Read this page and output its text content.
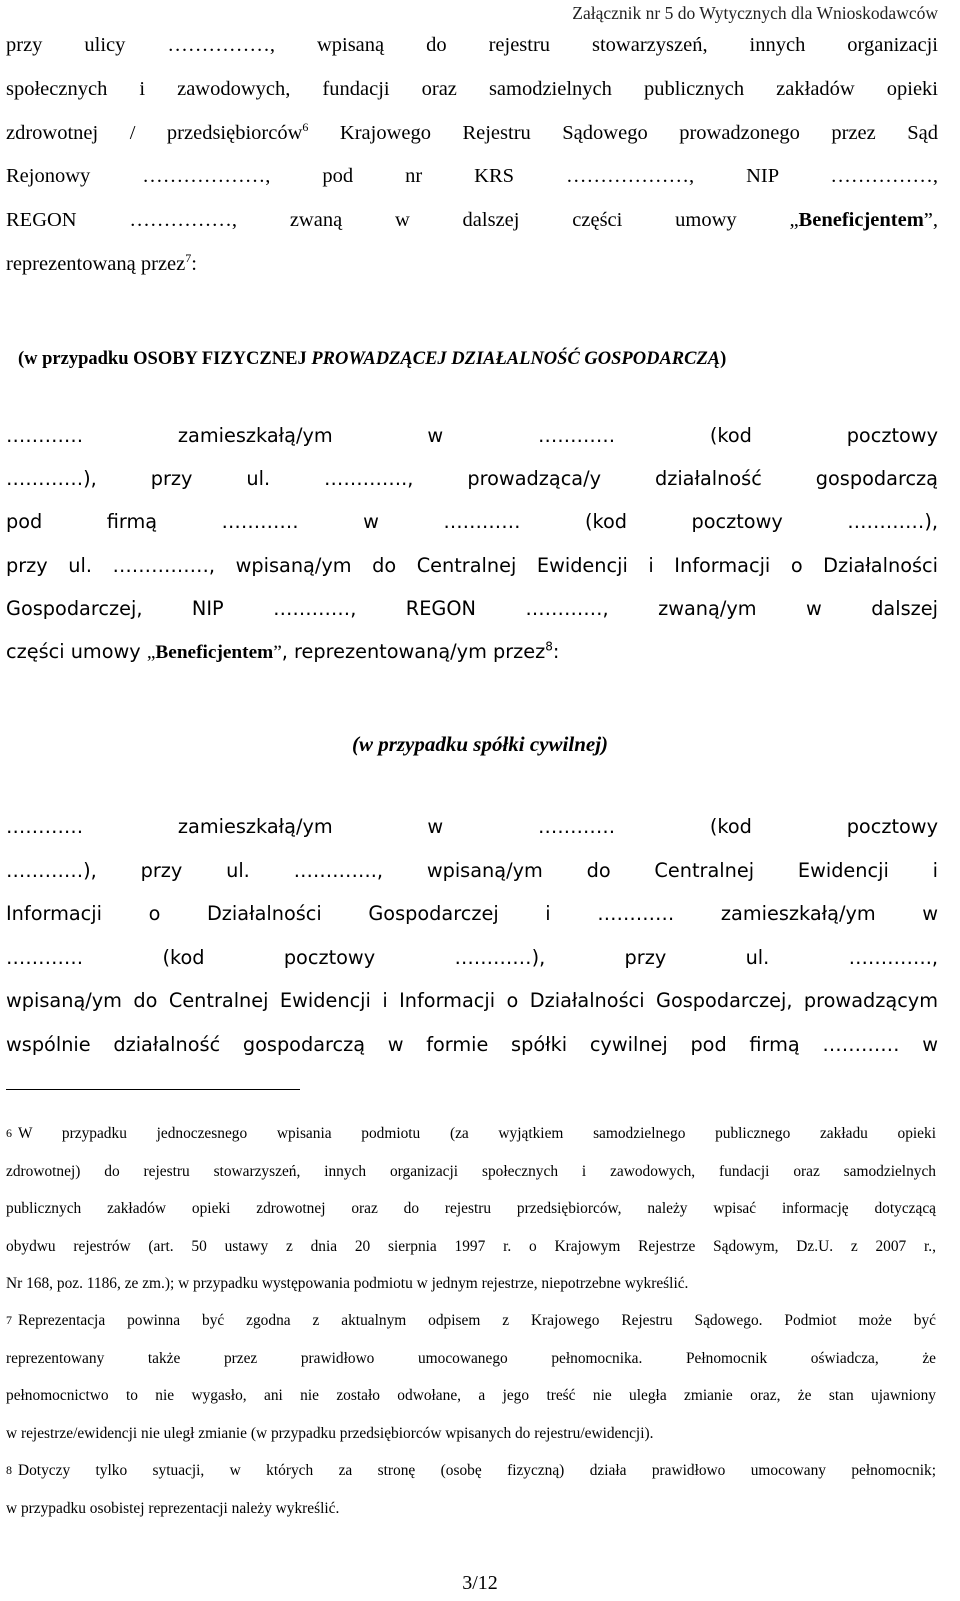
Załącznik nr 5 do Wytycznych dla Wnioskodawców
przy ulicy ……………, wpisaną do rejestru stowarzyszeń, innych organizacji
społecznych i zawodowych, fundacji oraz samodzielnych publicznych zakładów opieki
zdrowotnej / przedsiębiorców$^6$ Krajowego Rejestru Sądowego prowadzonego przez Sąd
Rejonowy ………………, pod nr KRS ………………, NIP ……………,
REGON ……………, zwaną w dalszej części umowy	„Beneficjentem”,
reprezentowaną przez$^7$:
(w przypadku OSOBY FIZYCZNEJ PROWADZĄCEJ DZIAŁALNOŚĆ GOSPODARCZĄ)
………… zamieszkałą/ym w ………… (kod pocztowy
…………), przy ul. …………., prowadząca/y działalność gospodarczą
pod firmą ………… w ………… (kod pocztowy …………),
przy ul. ……………, wpisaną/ym do Centralnej Ewidencji i Informacji o Działalności
Gospodarczej, NIP …………, REGON …………, zwaną/ym w dalszej
części umowy „Beneficjentem”, reprezentowaną/ym przez$^8$:
(w przypadku spółki cywilnej)
………… zamieszkałą/ym w ………… (kod pocztowy
…………), przy ul. …………., wpisaną/ym do Centralnej Ewidencji i
Informacji o Działalności Gospodarczej i ………… zamieszkałą/ym w
………… (kod pocztowy …………), przy ul. ………….,
wpisaną/ym do Centralnej Ewidencji i Informacji o Działalności Gospodarczej, prowadzącym
wspólnie działalność gospodarczą w formie spółki cywilnej pod firmą ………… w
6 W przypadku jednoczesnego wpisania podmiotu (za wyjątkiem samodzielnego publicznego zakładu opieki
zdrowotnej) do rejestru stowarzyszeń, innych organizacji społecznych i zawodowych, fundacji oraz samodzielnych
publicznych zakładów opieki zdrowotnej oraz do rejestru przedsiębiorców, należy wpisać informację dotyczącą
obydwu rejestrów (art. 50 ustawy z dnia 20 sierpnia 1997 r. o Krajowym Rejestrze Sądowym, Dz.U. z 2007 r.,
Nr 168, poz. 1186, ze zm.); w przypadku występowania podmiotu w jednym rejestrze, niepotrzebne wykreślić.
7 Reprezentacja powinna być zgodna z aktualnym odpisem z Krajowego Rejestru Sądowego. Podmiot może być
reprezentowany także przez prawidłowo umocowanego pełnomocnika. Pełnomocnik oświadcza, że
pełnomocnictwo to nie wygasło, ani nie zostało odwołane, a jego treść nie uległa zmianie oraz, że stan ujawniony
w rejestrze/ewidencji nie uległ zmianie (w przypadku przedsiębiorców wpisanych do rejestru/ewidencji).
8 Dotyczy tylko sytuacji, w których za stronę (osobę fizyczną) działa prawidłowo umocowany pełnomocnik;
w przypadku osobistej reprezentacji należy wykreślić.
3/12
